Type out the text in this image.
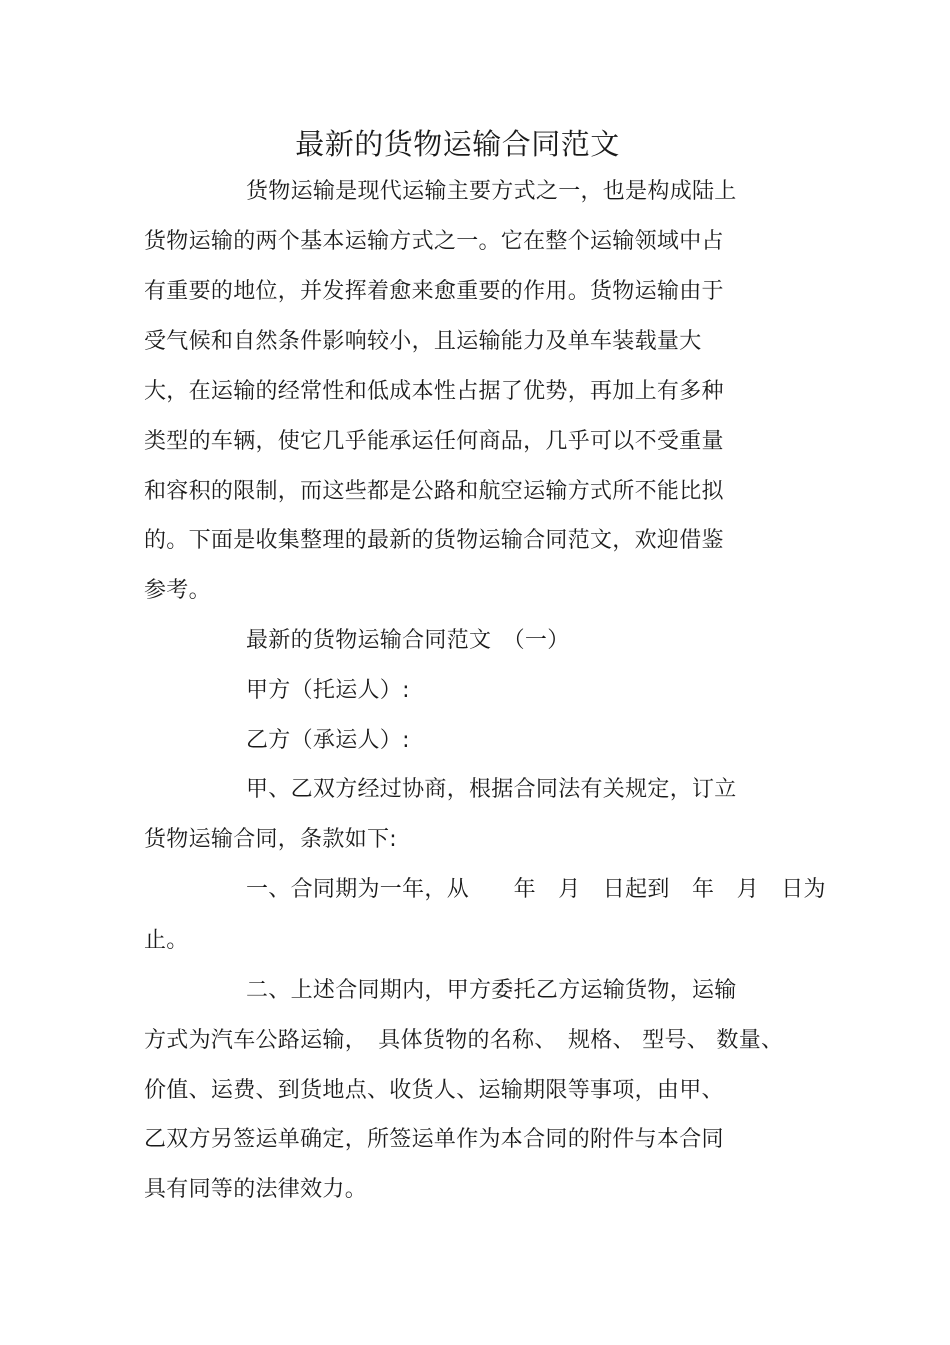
最新的货物运输合同范文
货物运输是现代运输主要方式之一，也是构成陆上
货物运输的两个基本运输方式之一。它在整个运输领域中占
有重要的地位，并发挥着愈来愈重要的作用。货物运输由于
受气候和自然条件影响较小，且运输能力及单车装载量大
大，在运输的经常性和低成本性占据了优势，再加上有多种
类型的车辆，使它几乎能承运任何商品，几乎可以不受重量
和容积的限制，而这些都是公路和航空运输方式所不能比拟
的。下面是收集整理的最新的货物运输合同范文，欢迎借鉴
参考。
最新的货物运输合同范文　（一）
甲方（托运人）:
乙方（承运人）:
甲、乙双方经过协商，根据合同法有关规定，订立
货物运输合同，条款如下:
一、合同期为一年，从　　年　月　日起到　年　月　日为
止。
二、上述合同期内，甲方委托乙方运输货物，运输
方式为汽车公路运输，　具体货物的名称、　规格、 型号、 数量、
价值、运费、到货地点、收货人、运输期限等事项，由甲、
乙双方另签运单确定，所签运单作为本合同的附件与本合同
具有同等的法律效力。
